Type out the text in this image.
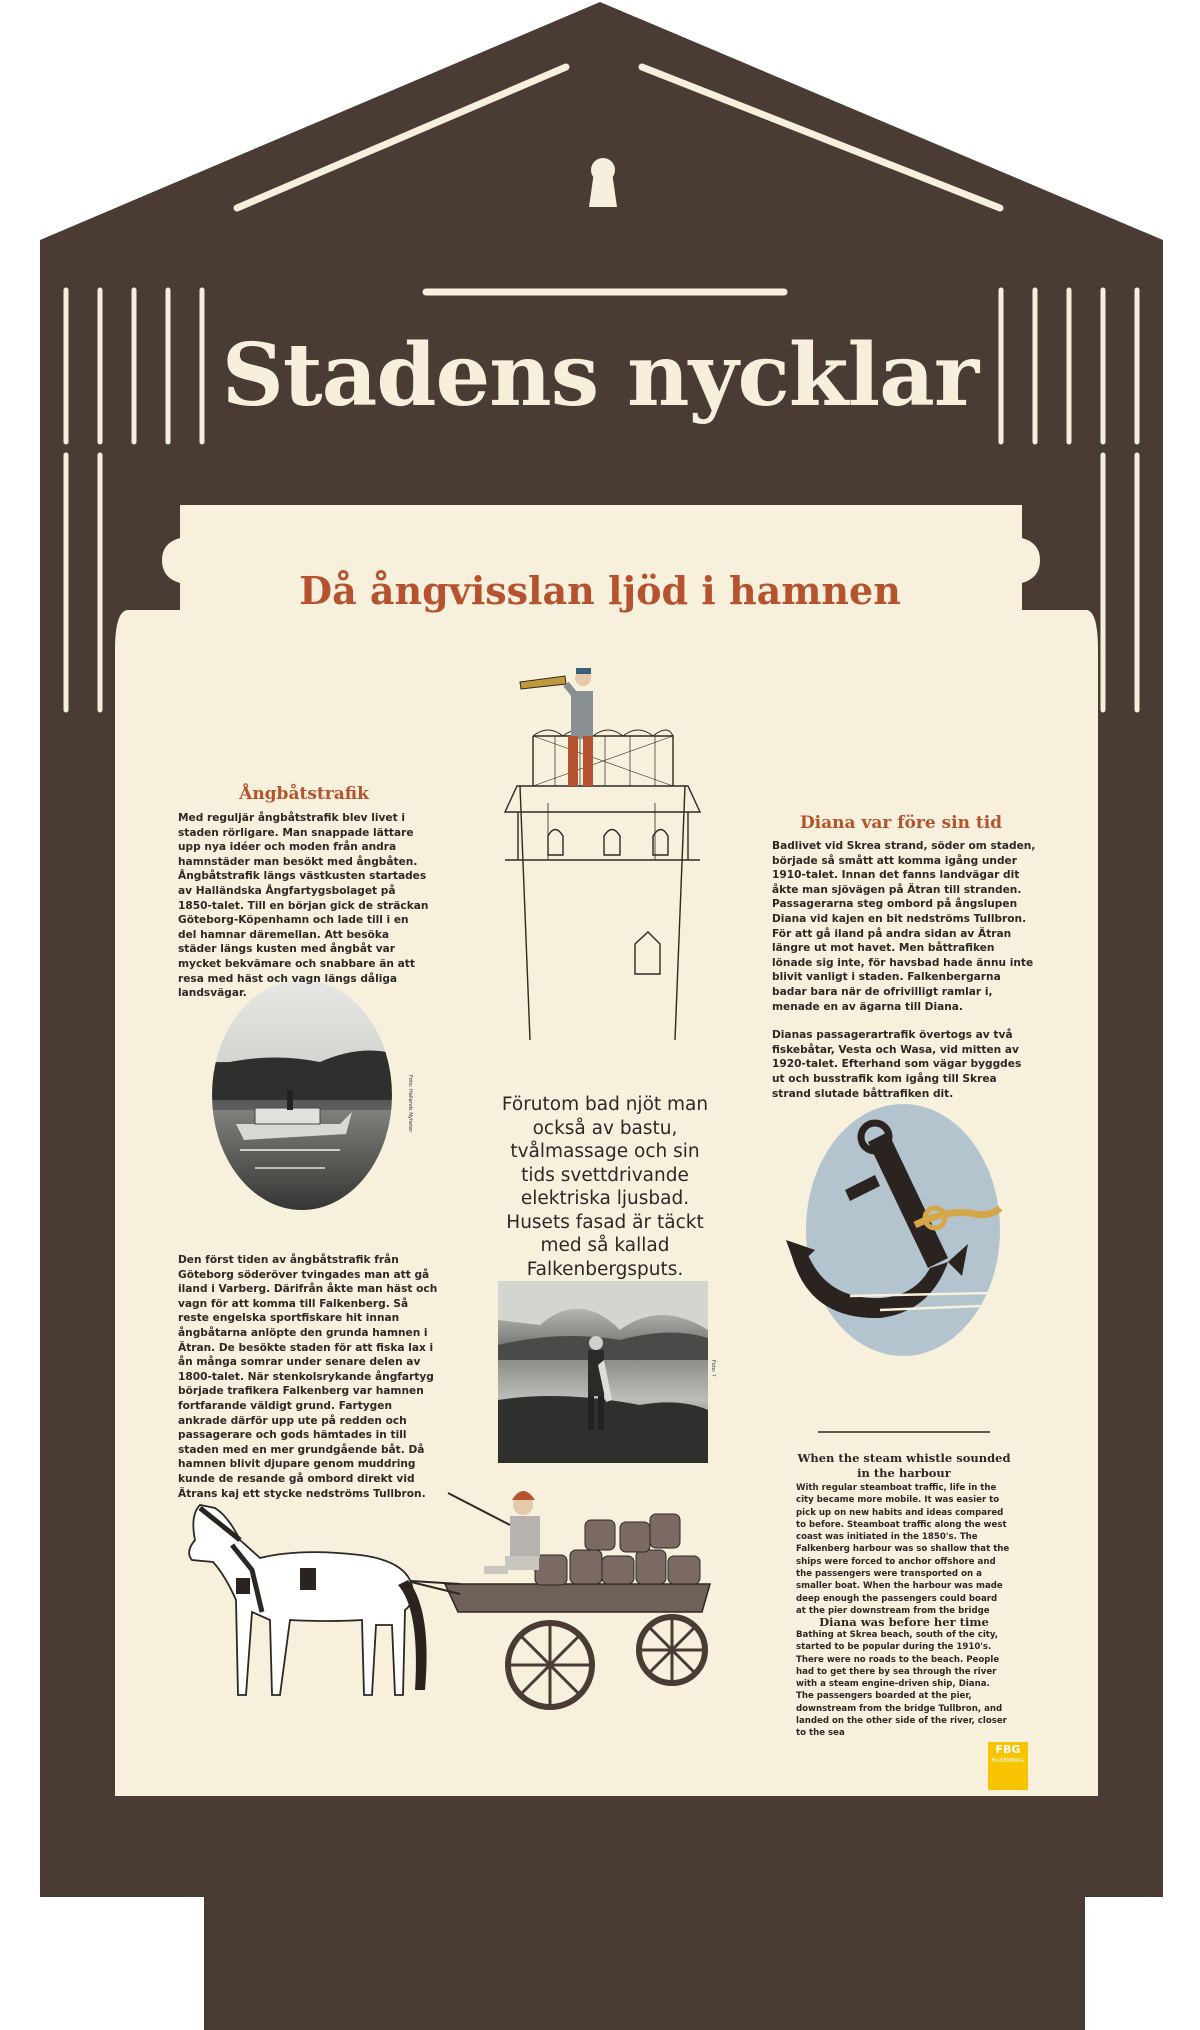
Stadens nycklar
Då ångvisslan ljöd i hamnen
Ångbåtstrafik

Med reguljär ångbåtstrafik blev livet i staden rörligare. Man snappade lättare upp nya idéer och moden från andra hamnstäder man besökt med ångbåten. Ångbåtstrafik längs västkusten startades av Halländska Ångfartygsbolaget på 1850-talet. Till en början gick de sträckan Göteborg-Köpenhamn och lade till i en del hamnar däremellan. Att besöka städer längs kusten med ångbåt var mycket bekvämare och snabbare än att resa med häst och vagn längs dåliga landsvägar.

Foto: Hallands Nyheter
Den först tiden av ångbåtstrafik från Göteborg söderöver tvingades man att gå iland i Varberg. Därifrån åkte man häst och vagn för att komma till Falkenberg. Så reste engelska sportfiskare hit innan ångbåtarna anlöpte den grunda hamnen i Ätran. De besökte staden för att fiska lax i ån många somrar under senare delen av 1800-talet. När stenkolsrykande ångfartyg började trafikera Falkenberg var hamnen fortfarande väldigt grund. Fartygen ankrade därför upp ute på redden och passagerare och gods hämtades in till staden med en mer grundgående båt. Då hamnen blivit djupare genom muddring kunde de resande gå ombord direkt vid Ätrans kaj ett stycke nedströms Tullbron.
Förutom bad njöt man också av bastu, tvålmassage och sin tids svettdrivande elektriska ljusbad. Husets fasad är täckt med så kallad Falkenbergsputs.
Foto: ?
Diana var före sin tid

Badlivet vid Skrea strand, söder om staden, började så smått att komma igång under 1910-talet. Innan det fanns landvägar dit åkte man sjövägen på Ätran till stranden. Passagerarna steg ombord på ångslupen Diana vid kajen en bit nedströms Tullbron. För att gå iland på andra sidan av Ätran längre ut mot havet. Men båttrafiken lönade sig inte, för havsbad hade ännu inte blivit vanligt i staden. Falkenbergarna badar bara när de ofrivilligt ramlar i, menade en av ägarna till Diana.

Dianas passagerartrafik övertogs av två fiskebåtar, Vesta och Wasa, vid mitten av 1920-talet. Efterhand som vägar byggdes ut och busstrafik kom igång till Skrea strand slutade båttrafiken dit.

When the steam whistle sounded in the harbour
With regular steamboat traffic, life in the city became more mobile. It was easier to pick up on new habits and ideas compared to before. Steamboat traffic along the west coast was initiated in the 1850's. The Falkenberg harbour was so shallow that the ships were forced to anchor offshore and the passengers were transported on a smaller boat. When the harbour was made deep enough the passengers could board at the pier downstream from the bridge
Diana was before her time
Bathing at Skrea beach, south of the city, started to be popular during the 1910's. There were no roads to the beach. People had to get there by sea through the river with a steam engine-driven ship, Diana. The passengers boarded at the pier, downstream from the bridge Tullbron, and landed on the other side of the river, closer to the sea
FBG
FALKENBERG
